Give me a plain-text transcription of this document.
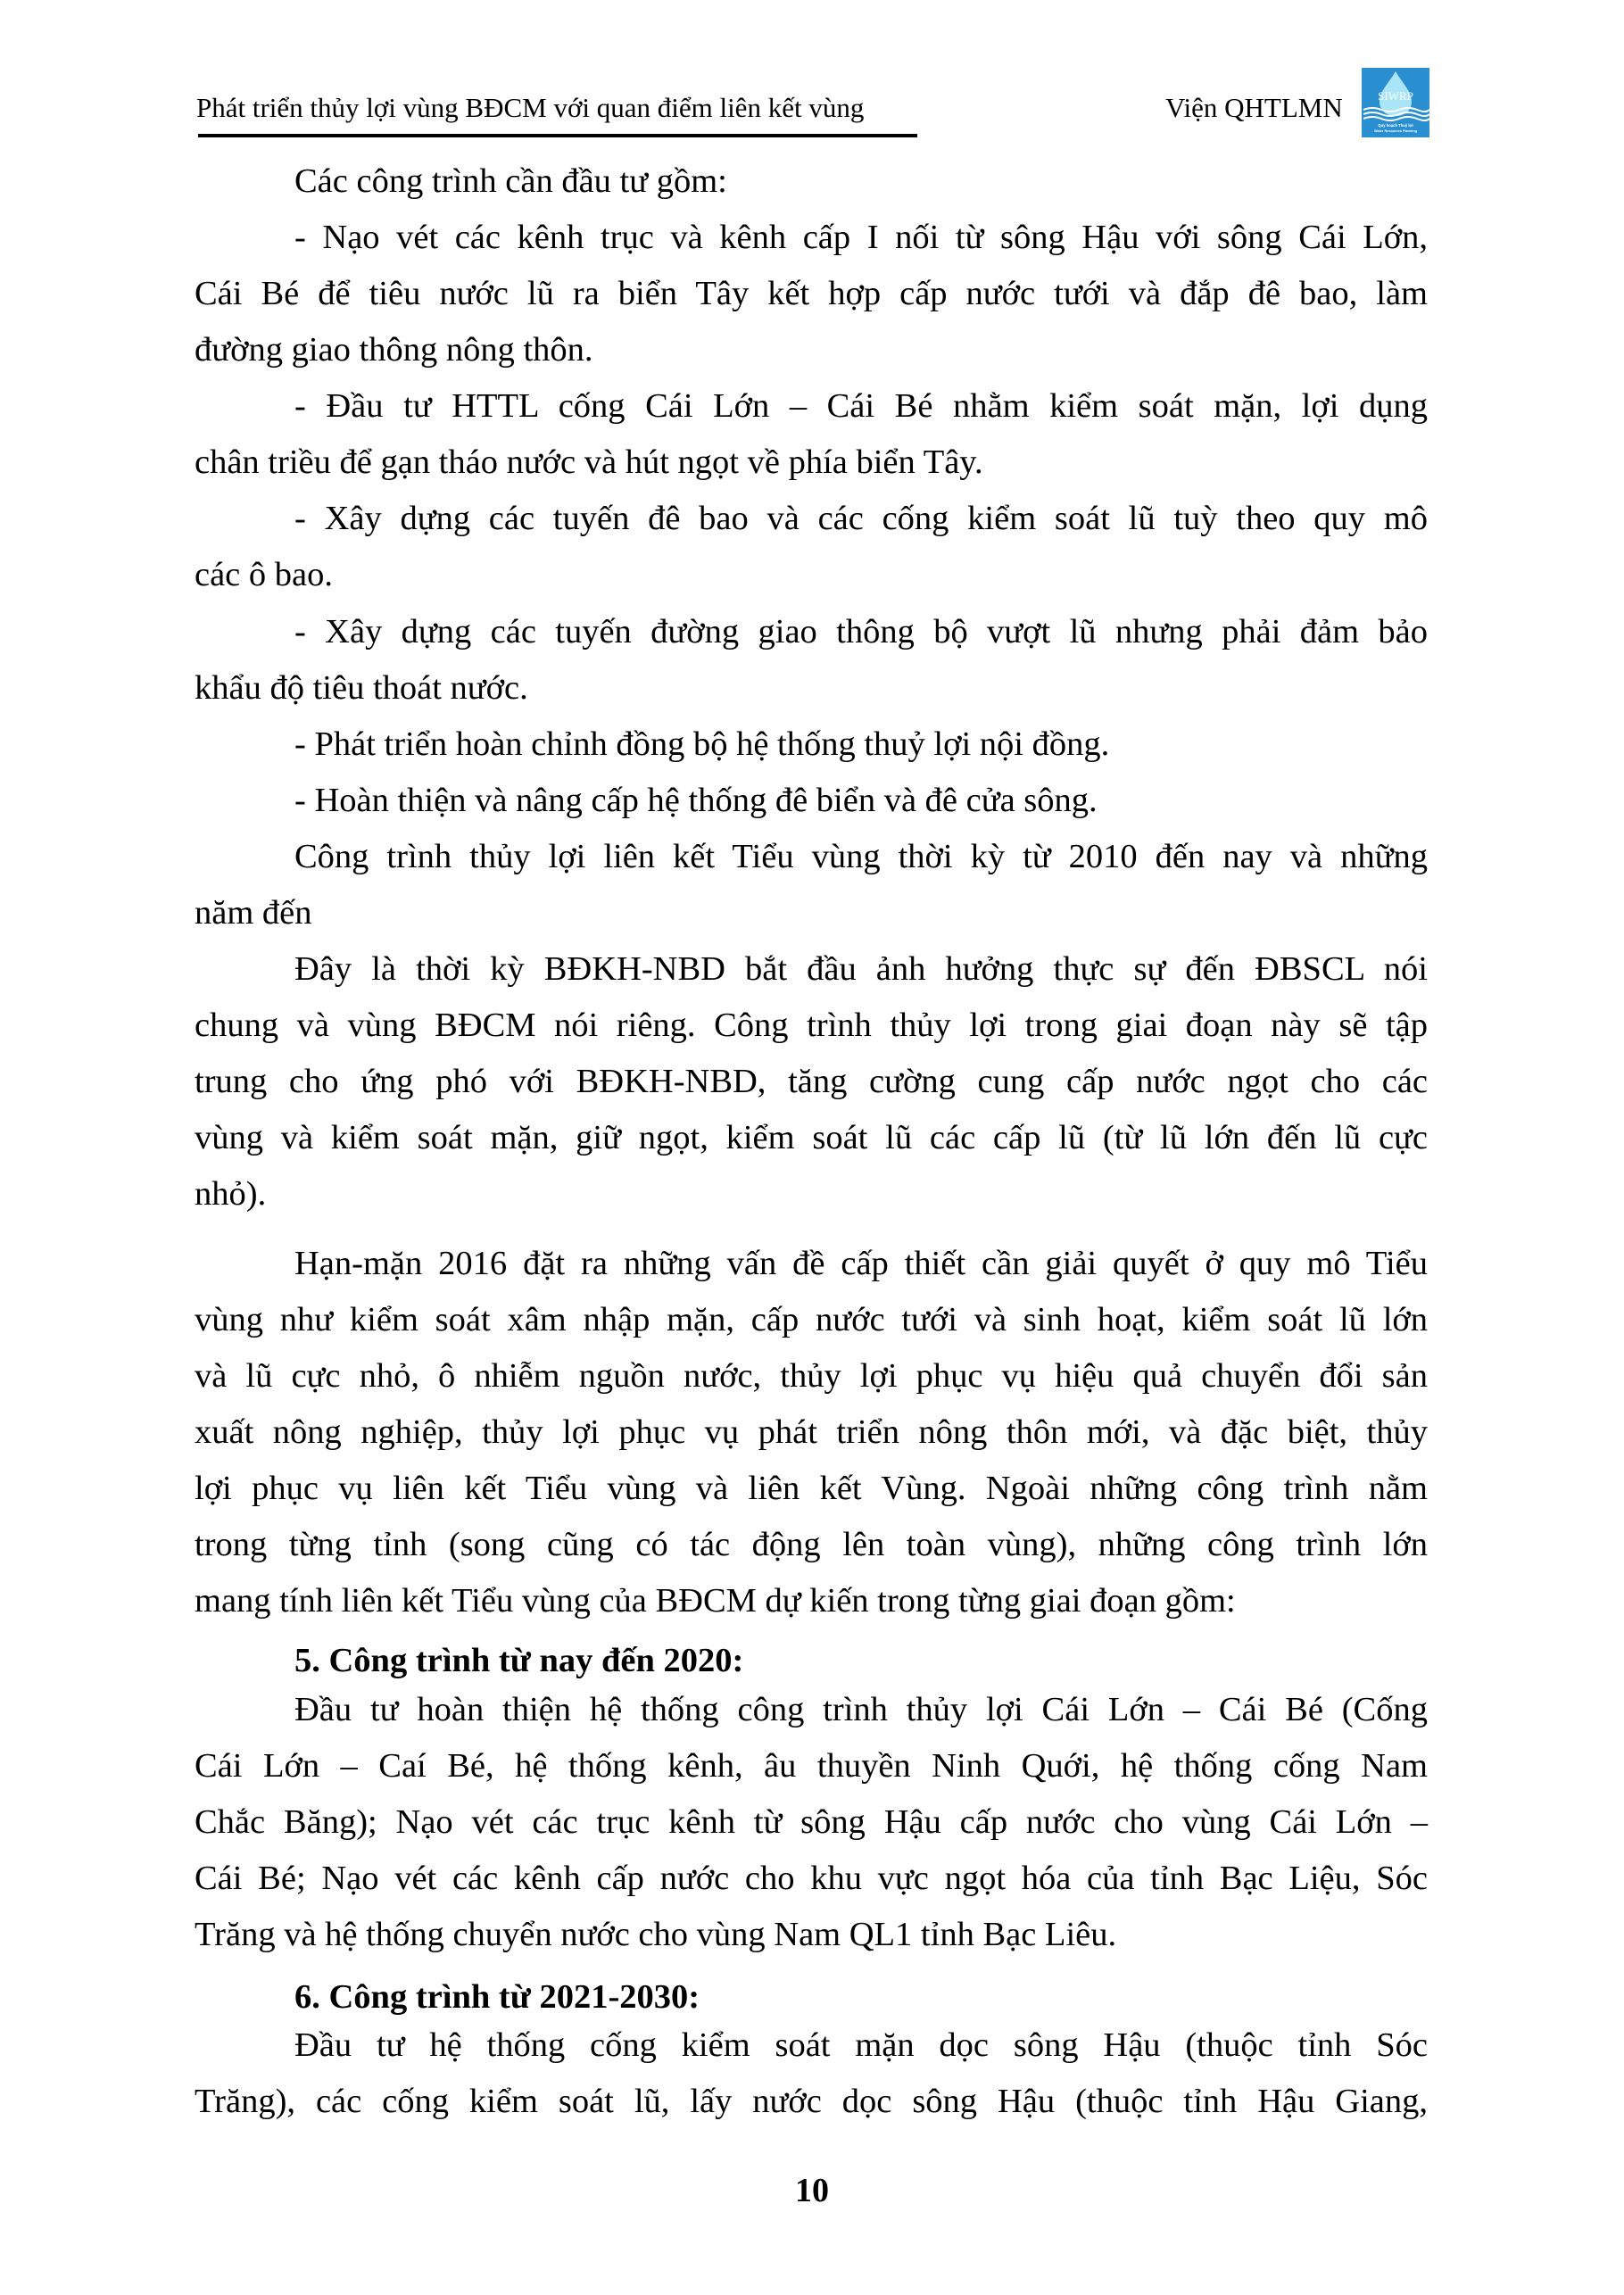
Phát triển thủy lợi vùng BĐCM với quan điểm liên kết vùng	Viện QHTLMN	SIWRP
Quy hoạch Thuỷ lợi
Water Resources Planning
Các công trình cần đầu tư gồm:
- Nạo vét các kênh trục và kênh cấp I nối từ sông Hậu với sông Cái Lớn,
Cái Bé để tiêu nước lũ ra biển Tây kết hợp cấp nước tưới và đắp đê bao, làm
đường giao thông nông thôn.
- Đầu tư HTTL cống Cái Lớn – Cái Bé nhằm kiểm soát mặn, lợi dụng
chân triều để gạn tháo nước và hút ngọt về phía biển Tây.
- Xây dựng các tuyến đê bao và các cống kiểm soát lũ tuỳ theo quy mô
các ô bao.
- Xây dựng các tuyến đường giao thông bộ vượt lũ nhưng phải đảm bảo
khẩu độ tiêu thoát nước.
- Phát triển hoàn chỉnh đồng bộ hệ thống thuỷ lợi nội đồng.
- Hoàn thiện và nâng cấp hệ thống đê biển và đê cửa sông.
Công trình thủy lợi liên kết Tiểu vùng thời kỳ từ 2010 đến nay và những
năm đến
Đây là thời kỳ BĐKH-NBD bắt đầu ảnh hưởng thực sự đến ĐBSCL nói
chung và vùng BĐCM nói riêng. Công trình thủy lợi trong giai đoạn này sẽ tập
trung cho ứng phó với BĐKH-NBD, tăng cường cung cấp nước ngọt cho các
vùng và kiểm soát mặn, giữ ngọt, kiểm soát lũ các cấp lũ (từ lũ lớn đến lũ cực
nhỏ).
Hạn-mặn 2016 đặt ra những vấn đề cấp thiết cần giải quyết ở quy mô Tiểu
vùng như kiểm soát xâm nhập mặn, cấp nước tưới và sinh hoạt, kiểm soát lũ lớn
và lũ cực nhỏ, ô nhiễm nguồn nước, thủy lợi phục vụ hiệu quả chuyển đổi sản
xuất nông nghiệp, thủy lợi phục vụ phát triển nông thôn mới, và đặc biệt, thủy
lợi phục vụ liên kết Tiểu vùng và liên kết Vùng. Ngoài những công trình nằm
trong từng tỉnh (song cũng có tác động lên toàn vùng), những công trình lớn
mang tính liên kết Tiểu vùng của BĐCM dự kiến trong từng giai đoạn gồm:
5. Công trình từ nay đến 2020:
Đầu tư hoàn thiện hệ thống công trình thủy lợi Cái Lớn – Cái Bé (Cống
Cái Lớn – Caí Bé, hệ thống kênh, âu thuyền Ninh Quới, hệ thống cống Nam
Chắc Băng); Nạo vét các trục kênh từ sông Hậu cấp nước cho vùng Cái Lớn –
Cái Bé; Nạo vét các kênh cấp nước cho khu vực ngọt hóa của tỉnh Bạc Liệu, Sóc
Trăng và hệ thống chuyển nước cho vùng Nam QL1 tỉnh Bạc Liêu.
6. Công trình từ 2021-2030:
Đầu tư hệ thống cống kiểm soát mặn dọc sông Hậu (thuộc tỉnh Sóc
Trăng), các cống kiểm soát lũ, lấy nước dọc sông Hậu (thuộc tỉnh Hậu Giang,
10
